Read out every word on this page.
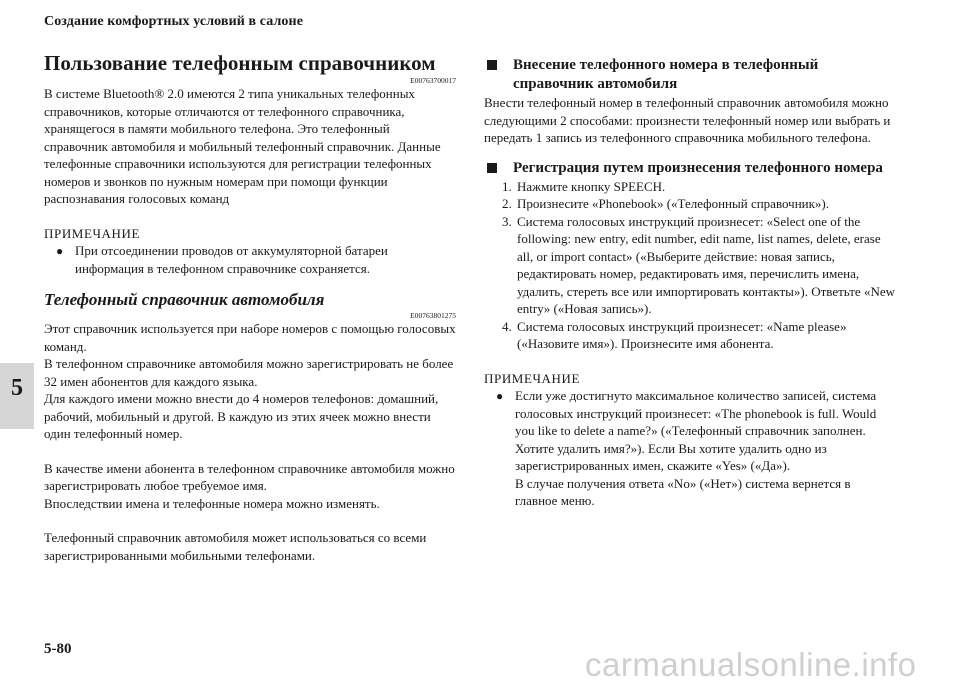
Создание комфортных условий в салоне
5

Пользование телефонным справочником

E00763700017

В системе Bluetooth® 2.0 имеются 2 типа уникальных телефонных справочников, которые отличаются от телефонного справочника, хранящегося в памяти мобильного телефона. Это телефонный справочник автомобиля и мобильный телефонный справочник. Данные телефонные справочники используются для регистрации телефонных номеров и звонков по нужным номерам при помощи функции распознавания голосовых команд

ПРИМЕЧАНИЕ

● При отсоединении проводов от аккумуляторной батареи информация в телефонном справочнике сохраняется.

Телефонный справочник автомобиля

E00763801275

Этот справочник используется при наборе номеров с помощью голосовых команд.

В телефонном справочнике автомобиля можно зарегистрировать не более 32 имен абонентов для каждого языка.

Для каждого имени можно внести до 4 номеров телефонов: домашний, рабочий, мобильный и другой. В каждую из этих ячеек можно внести один телефонный номер.

В качестве имени абонента в телефонном справочнике автомобиля можно зарегистрировать любое требуемое имя.

Впоследствии имена и телефонные номера можно изменять.

Телефонный справочник автомобиля может использоваться со всеми зарегистрированными мобильными телефонами.

Внесение телефонного номера в телефонный справочник автомобиля

Внести телефонный номер в телефонный справочник автомобиля можно следующими 2 способами: произнести телефонный номер или выбрать и передать 1 запись из телефонного справочника мобильного телефона.

Регистрация путем произнесения телефонного номера

1. Нажмите кнопку SPEECH.

2. Произнесите «Phonebook» («Телефонный справочник»).

3. Система голосовых инструкций произнесет: «Select one of the following: new entry, edit number, edit name, list names, delete, erase all, or import contact» («Выберите действие: новая запись, редактировать номер, редактировать имя, перечислить имена, удалить, стереть все или импортировать контакты»). Ответьте «New entry» («Новая запись»).

4. Система голосовых инструкций произнесет: «Name please» («Назовите имя»). Произнесите имя абонента.

ПРИМЕЧАНИЕ

● Если уже достигнуто максимальное количество записей, система голосовых инструкций произнесет: «The phonebook is full. Would you like to delete a name?» («Телефонный справочник заполнен. Хотите удалить имя?»). Если Вы хотите удалить одно из зарегистрированных имен, скажите «Yes» («Да»).

В случае получения ответа «No» («Нет») система вернется в главное меню.

5-80	carmanualsonline.info
